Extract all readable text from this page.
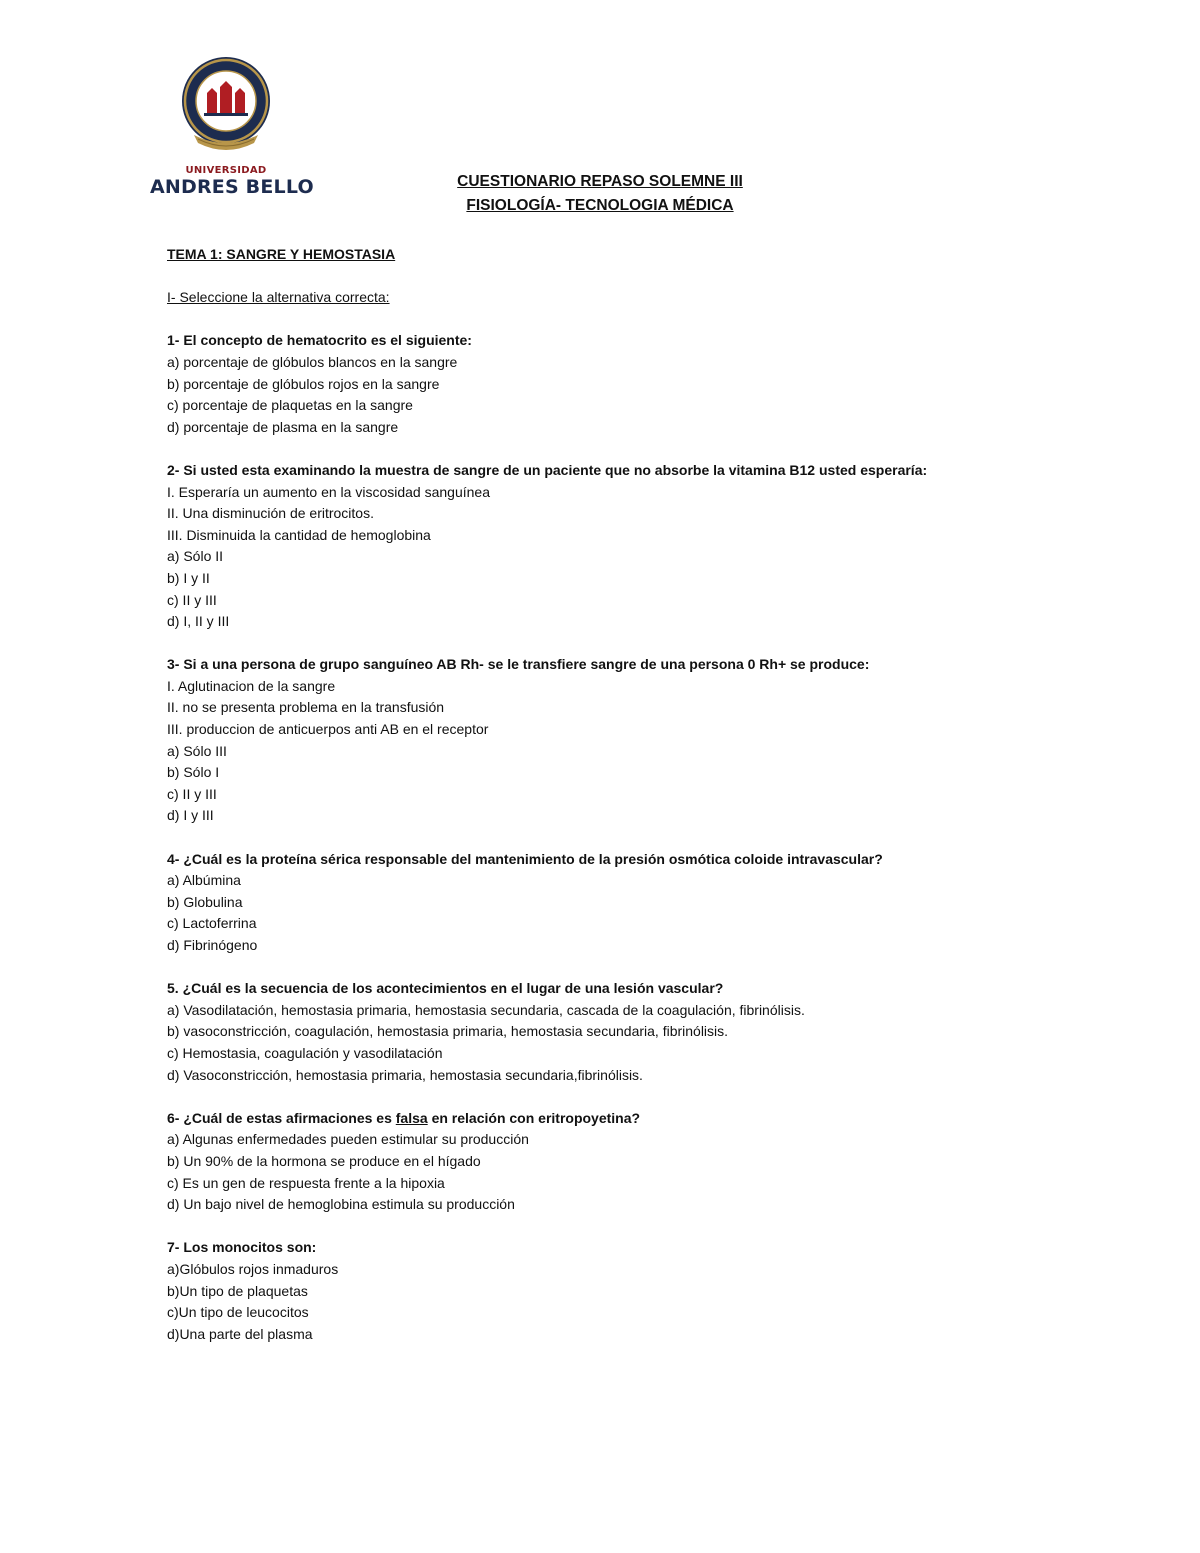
UNIVERSIDAD
ANDRES BELLO	CUESTIONARIO REPASO SOLEMNE III
FISIOLOGÍA- TECNOLOGIA MÉDICA
TEMA 1: SANGRE Y HEMOSTASIA
I- Seleccione la alternativa correcta:
1- El concepto de hematocrito es el siguiente:
a) porcentaje de glóbulos blancos en la sangre
b) porcentaje de glóbulos rojos en la sangre
c) porcentaje de plaquetas en la sangre
d) porcentaje de plasma en la sangre
2- Si usted esta examinando la muestra de sangre de un paciente que no absorbe la vitamina B12 usted esperaría:
I. Esperaría un aumento en la viscosidad sanguínea
II. Una disminución de eritrocitos.
III. Disminuida la cantidad de hemoglobina
a) Sólo II
b) I y II
c) II y III
d) I, II y III
3- Si a una persona de grupo sanguíneo AB Rh- se le transfiere sangre de una persona 0 Rh+ se produce:
I. Aglutinacion de la sangre
II. no se presenta problema en la transfusión
III. produccion de anticuerpos anti AB en el receptor
a) Sólo III
b) Sólo I
c) II y III
d) I y III
4- ¿Cuál es la proteína sérica responsable del mantenimiento de la presión osmótica coloide intravascular?
a) Albúmina
b) Globulina
c) Lactoferrina
d) Fibrinógeno
5. ¿Cuál es la secuencia de los acontecimientos en el lugar de una lesión vascular?
a) Vasodilatación, hemostasia primaria, hemostasia secundaria, cascada de la coagulación, fibrinólisis.
b) vasoconstricción, coagulación, hemostasia primaria, hemostasia secundaria, fibrinólisis.
c) Hemostasia, coagulación y vasodilatación
d) Vasoconstricción, hemostasia primaria, hemostasia secundaria,fibrinólisis.
6- ¿Cuál de estas afirmaciones es falsa en relación con eritropoyetina?
a) Algunas enfermedades pueden estimular su producción
b) Un 90% de la hormona se produce en el hígado
c) Es un gen de respuesta frente a la hipoxia
d) Un bajo nivel de hemoglobina estimula su producción
7- Los monocitos son:
a)Glóbulos rojos inmaduros
b)Un tipo de plaquetas
c)Un tipo de leucocitos
d)Una parte del plasma
